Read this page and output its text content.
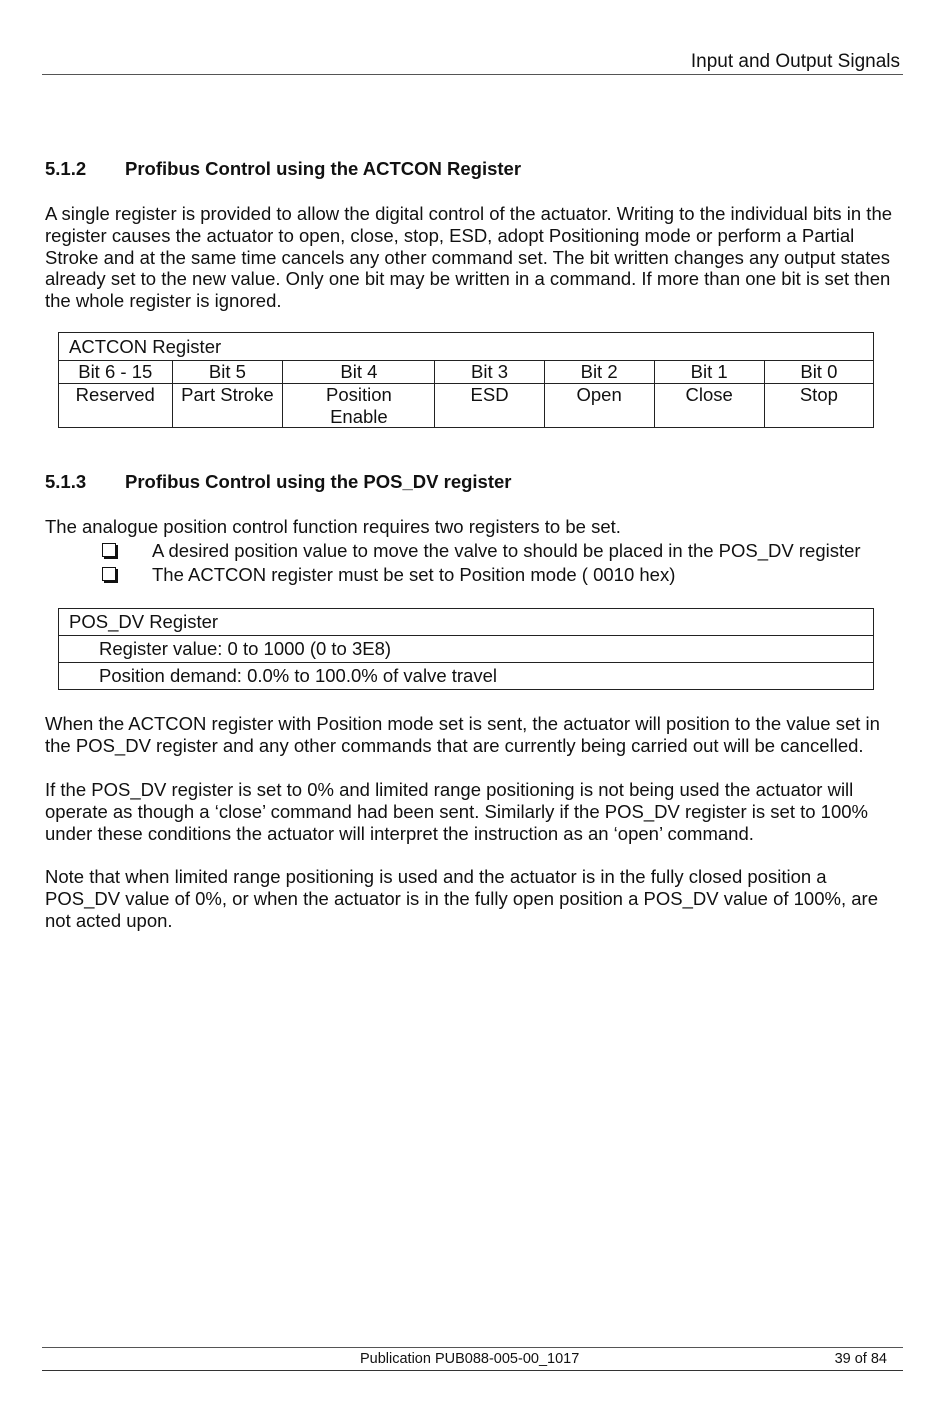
Input and Output Signals
5.1.2 Profibus Control using the ACTCON Register
A single register is provided to allow the digital control of the actuator. Writing to the individual bits in the register causes the actuator to open, close, stop, ESD, adopt Positioning mode or perform a Partial Stroke and at the same time cancels any other command set. The bit written changes any output states already set to the new value. Only one bit may be written in a command. If more than one bit is set then the whole register is ignored.
ACTCON Register						
Bit 6 - 15	Bit 5	Bit 4	Bit 3	Bit 2	Bit 1	Bit 0
Reserved	Part Stroke	Position Enable	ESD	Open	Close	Stop
5.1.3 Profibus Control using the POS_DV register
The analogue position control function requires two registers to be set.
A desired position value to move the valve to should be placed in the POS_DV register
The ACTCON register must be set to Position mode ( 0010 hex)
POS_DV Register
Register value: 0 to 1000 (0 to 3E8)
Position demand: 0.0% to 100.0% of valve travel
When the ACTCON register with Position mode set is sent, the actuator will position to the value set in the POS_DV register and any other commands that are currently being carried out will be cancelled.
If the POS_DV register is set to 0% and limited range positioning is not being used the actuator will operate as though a ‘close’ command had been sent. Similarly if the POS_DV register is set to 100% under these conditions the actuator will interpret the instruction as an ‘open’ command.
Note that when limited range positioning is used and the actuator is in the fully closed position a POS_DV value of 0%, or when the actuator is in the fully open position a POS_DV value of 100%, are not acted upon.
Publication PUB088-005-00_1017	39 of 84
